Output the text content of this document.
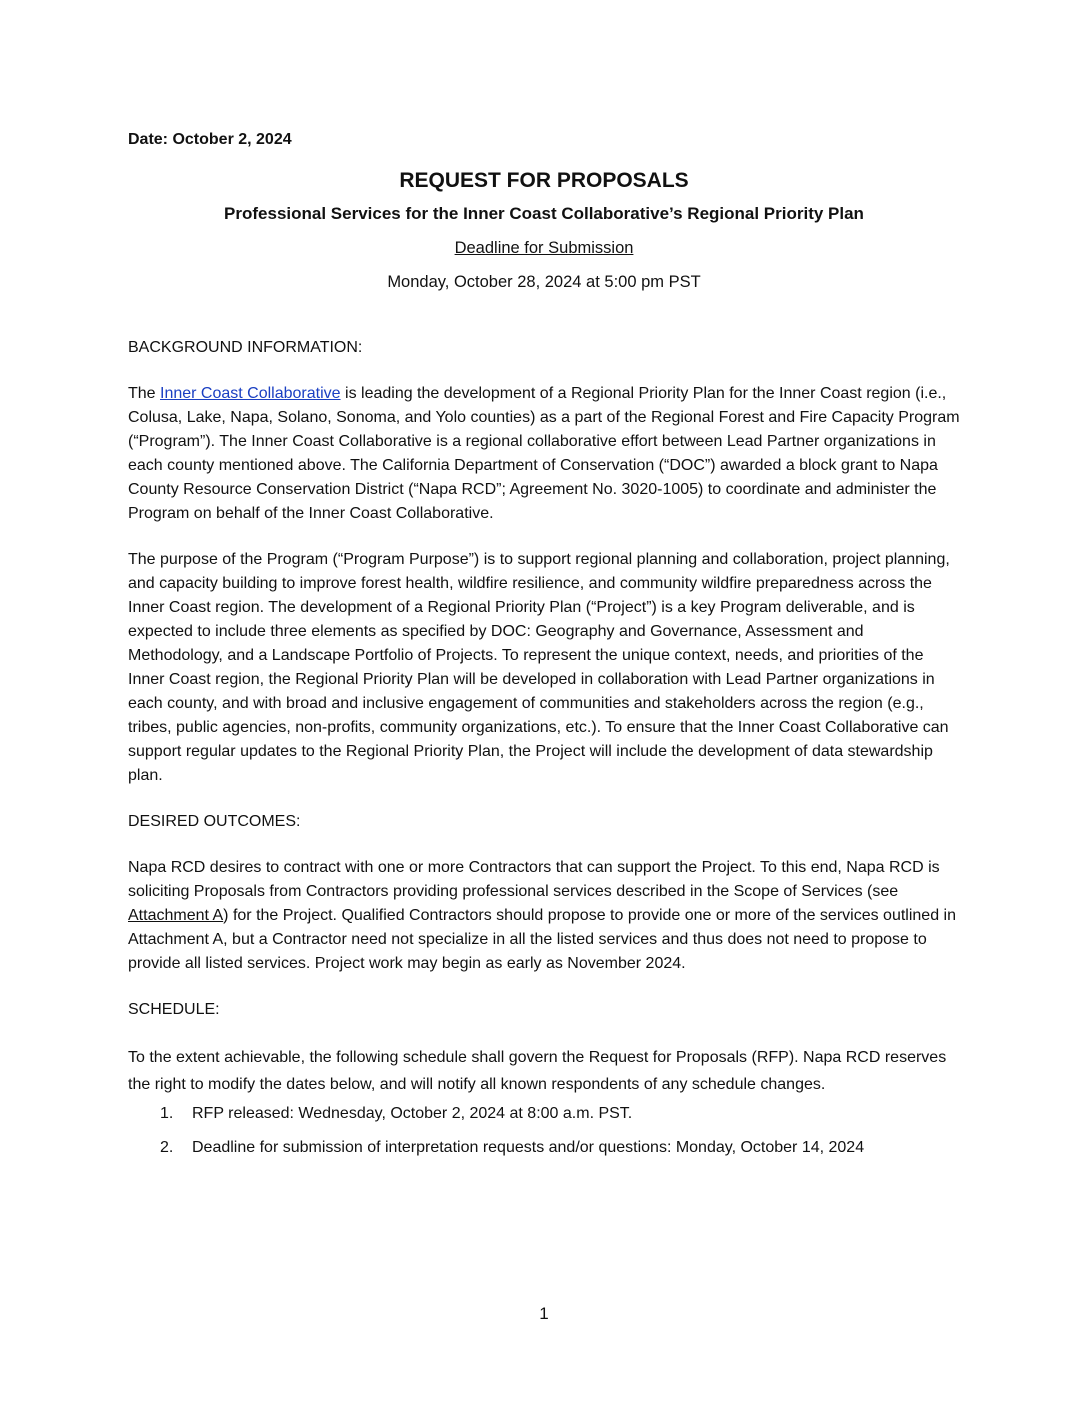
Date: October 2, 2024
REQUEST FOR PROPOSALS
Professional Services for the Inner Coast Collaborative’s Regional Priority Plan
Deadline for Submission
Monday, October 28, 2024 at 5:00 pm PST
BACKGROUND INFORMATION:

The Inner Coast Collaborative is leading the development of a Regional Priority Plan for the Inner Coast region (i.e., Colusa, Lake, Napa, Solano, Sonoma, and Yolo counties) as a part of the Regional Forest and Fire Capacity Program (“Program”). The Inner Coast Collaborative is a regional collaborative effort between Lead Partner organizations in each county mentioned above. The California Department of Conservation (“DOC”) awarded a block grant to Napa County Resource Conservation District (“Napa RCD”; Agreement No. 3020-1005) to coordinate and administer the Program on behalf of the Inner Coast Collaborative.

The purpose of the Program (“Program Purpose”) is to support regional planning and collaboration, project planning, and capacity building to improve forest health, wildfire resilience, and community wildfire preparedness across the Inner Coast region. The development of a Regional Priority Plan (“Project”) is a key Program deliverable, and is expected to include three elements as specified by DOC: Geography and Governance, Assessment and Methodology, and a Landscape Portfolio of Projects. To represent the unique context, needs, and priorities of the Inner Coast region, the Regional Priority Plan will be developed in collaboration with Lead Partner organizations in each county, and with broad and inclusive engagement of communities and stakeholders across the region (e.g., tribes, public agencies, non-profits, community organizations, etc.). To ensure that the Inner Coast Collaborative can support regular updates to the Regional Priority Plan, the Project will include the development of data stewardship plan.

DESIRED OUTCOMES:

Napa RCD desires to contract with one or more Contractors that can support the Project. To this end, Napa RCD is soliciting Proposals from Contractors providing professional services described in the Scope of Services (see Attachment A) for the Project. Qualified Contractors should propose to provide one or more of the services outlined in Attachment A, but a Contractor need not specialize in all the listed services and thus does not need to propose to provide all listed services. Project work may begin as early as November 2024.

SCHEDULE:

To the extent achievable, the following schedule shall govern the Request for Proposals (RFP). Napa RCD reserves the right to modify the dates below, and will notify all known respondents of any schedule changes.

1. RFP released: Wednesday, October 2, 2024 at 8:00 a.m. PST.
2. Deadline for submission of interpretation requests and/or questions: Monday, October 14, 2024
1
